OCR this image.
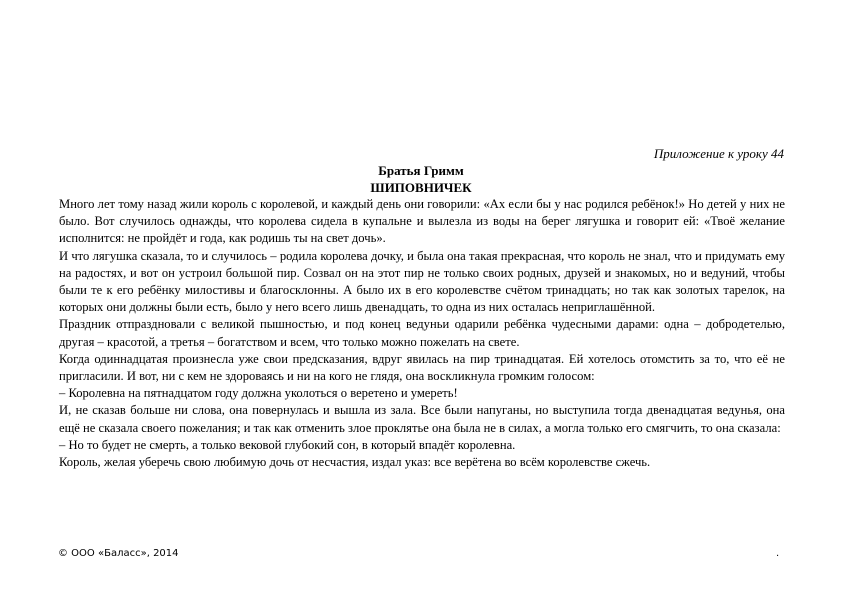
Приложение к уроку 44
Братья Гримм
ШИПОВНИЧЕК

Много лет тому назад жили король с королевой, и каждый день они говорили: «Ах если бы у нас родился ребёнок!» Но детей у них не было. Вот случилось однажды, что королева сидела в купальне и вылезла из воды на берег лягушка и говорит ей: «Твоё желание исполнится: не пройдёт и года, как родишь ты на свет дочь».

И что лягушка сказала, то и случилось – родила королева дочку, и была она такая прекрасная, что король не знал, что и придумать ему на радостях, и вот он устроил большой пир. Созвал он на этот пир не только своих родных, друзей и знакомых, но и ведуний, чтобы были те к его ребёнку милостивы и благосклонны. А было их в его королевстве счётом тринадцать; но так как золотых тарелок, на которых они должны были есть, было у него всего лишь двенадцать, то одна из них осталась неприглашённой.

Праздник отпраздновали с великой пышностью, и под конец ведуньи одарили ребёнка чудесными дарами: одна – добродетелью, другая – красотой, а третья – богатством и всем, что только можно пожелать на свете.

Когда одиннадцатая произнесла уже свои предсказания, вдруг явилась на пир тринадцатая. Ей хотелось отомстить за то, что её не пригласили. И вот, ни с кем не здороваясь и ни на кого не глядя, она воскликнула громким голосом:

– Королевна на пятнадцатом году должна уколоться о веретено и умереть!

И, не сказав больше ни слова, она повернулась и вышла из зала. Все были напуганы, но выступила тогда двенадцатая ведунья, она ещё не сказала своего пожелания; и так как отменить злое проклятье она была не в силах, а могла только его смягчить, то она сказала:

– Но то будет не смерть, а только вековой глубокий сон, в который впадёт королевна.

Король, желая уберечь свою любимую дочь от несчастия, издал указ: все верётена во всём королевстве сжечь.

© ООО «Баласс», 2014	.
